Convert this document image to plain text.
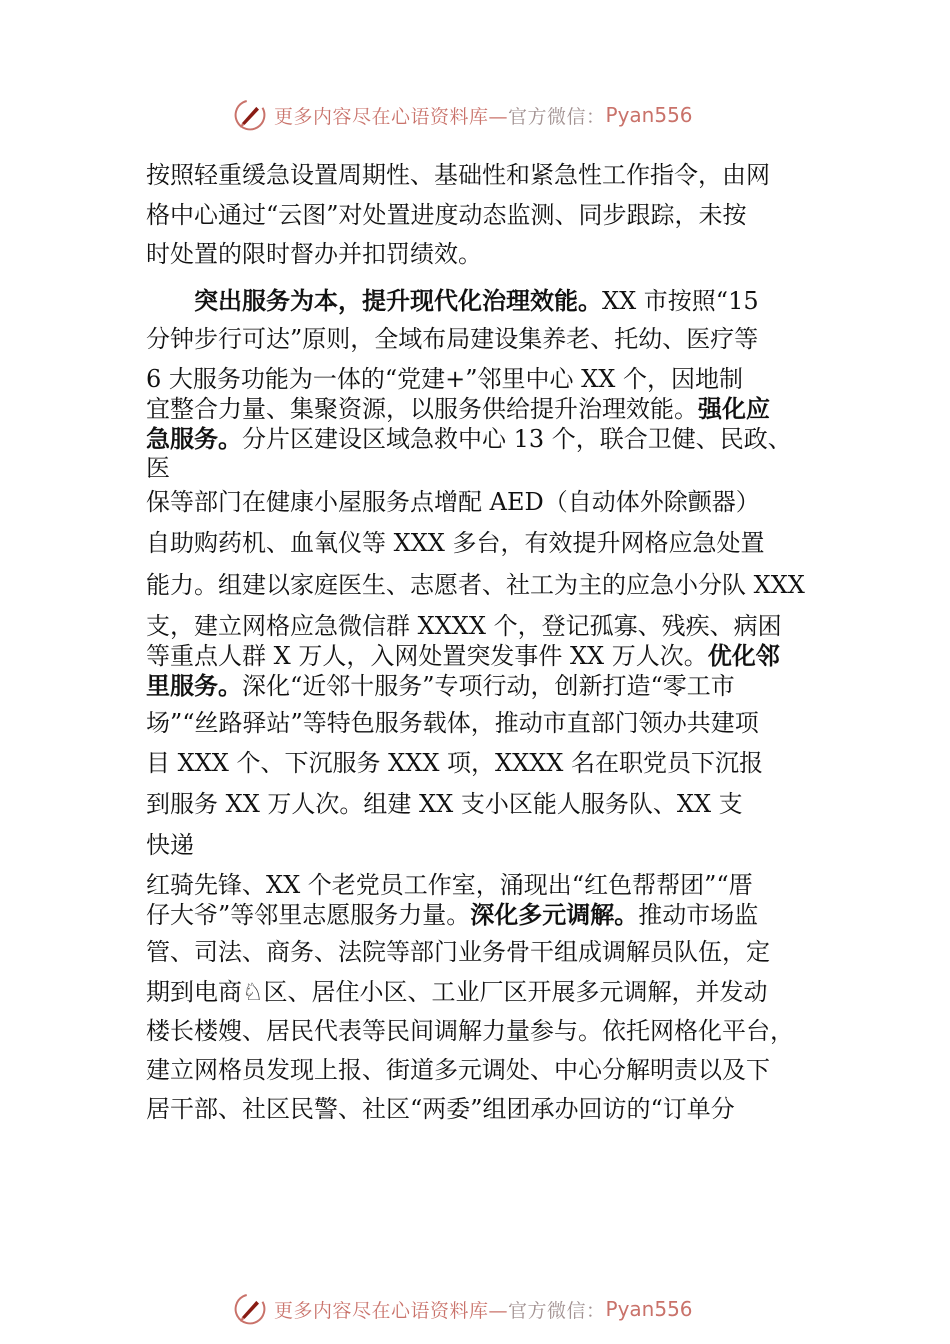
更多内容尽在心语资料库— 官方微信： Pyan556
按照轻重缓急设置周期性、基础性和紧急性工作指令，由网
格中心通过“云图”对处置进度动态监测、同步跟踪，未按
时处置的限时督办并扣罚绩效。
　　突出服务为本，提升现代化治理效能。XX 市按照“15
分钟步行可达”原则，全域布局建设集养老、托幼、医疗等
6 大服务功能为一体的“党建+”邻里中心 XX 个，因地制
宜整合力量、集聚资源，以服务供给提升治理效能。强化应
急服务。分片区建设区域急救中心 13 个，联合卫健、民政、
医
保等部门在健康小屋服务点增配 AED（自动体外除颤器）
自助购药机、血氧仪等 XXX 多台，有效提升网格应急处置
能力。组建以家庭医生、志愿者、社工为主的应急小分队 XXX
支，建立网格应急微信群 XXXX 个，登记孤寡、残疾、病困
等重点人群 X 万人，入网处置突发事件 XX 万人次。优化邻
里服务。深化“近邻十服务”专项行动，创新打造“零工市
场”“丝路驿站”等特色服务载体，推动市直部门领办共建项
目 XXX 个、下沉服务 XXX 项，XXXX 名在职党员下沉报
到服务 XX 万人次。组建 XX 支小区能人服务队、XX 支
快递
红骑先锋、XX 个老党员工作室，涌现出“红色帮帮团”“厝
仔大爷”等邻里志愿服务力量。深化多元调解。推动市场监
管、司法、商务、法院等部门业务骨干组成调解员队伍，定
期到电商♘区、居住小区、工业厂区开展多元调解，并发动
楼长楼嫂、居民代表等民间调解力量参与。依托网格化平台，
建立网格员发现上报、街道多元调处、中心分解明责以及下
居干部、社区民警、社区“两委”组团承办回访的“订单分
更多内容尽在心语资料库— 官方微信： Pyan556
